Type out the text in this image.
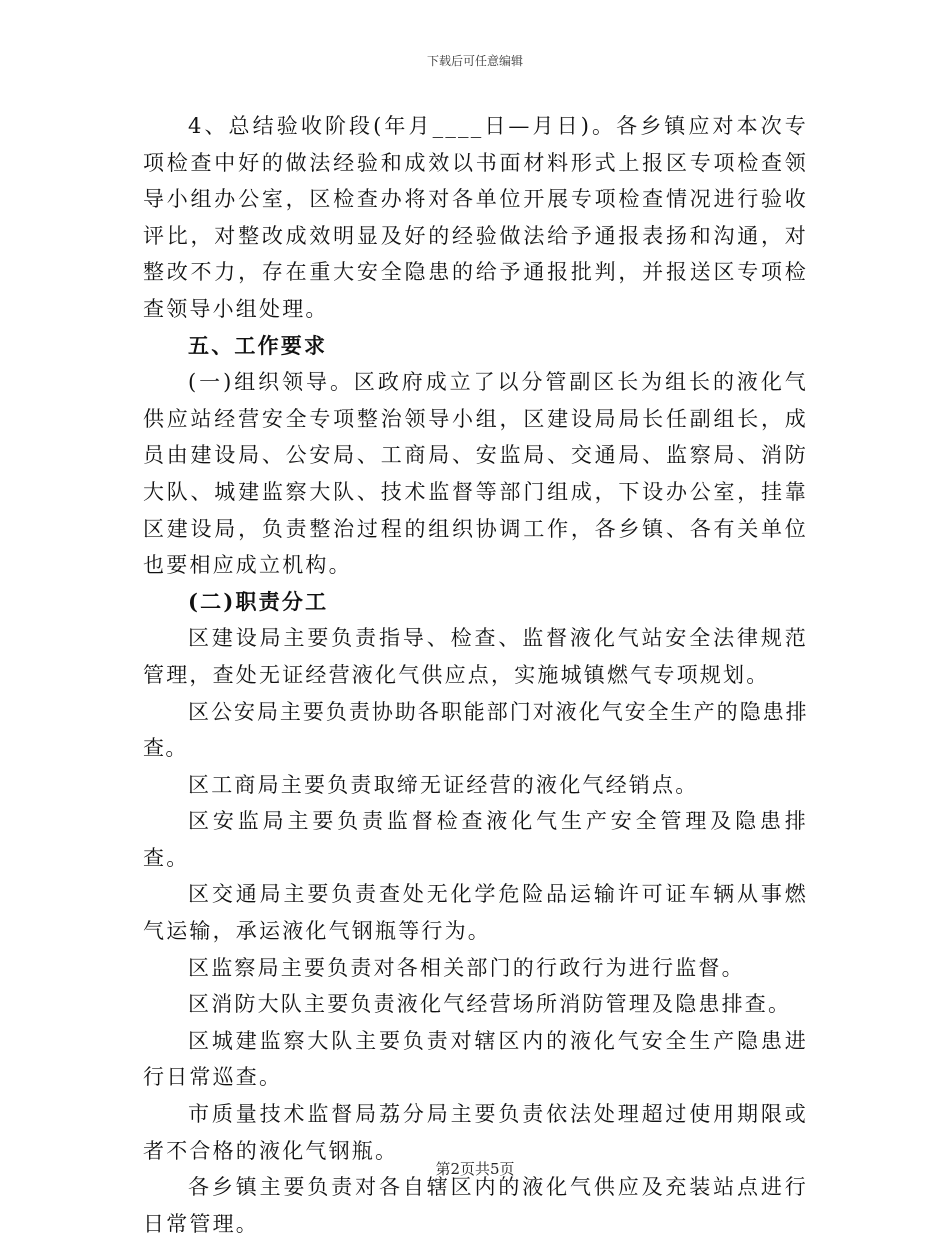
下载后可任意编辑

4、总结验收阶段(年月____日—月日)。各乡镇应对本次专项检查中好的做法经验和成效以书面材料形式上报区专项检查领导小组办公室，区检查办将对各单位开展专项检查情况进行验收评比，对整改成效明显及好的经验做法给予通报表扬和沟通，对整改不力，存在重大安全隐患的给予通报批判，并报送区专项检查领导小组处理。

五、工作要求

(一)组织领导。区政府成立了以分管副区长为组长的液化气供应站经营安全专项整治领导小组，区建设局局长任副组长，成员由建设局、公安局、工商局、安监局、交通局、监察局、消防大队、城建监察大队、技术监督等部门组成，下设办公室，挂靠区建设局，负责整治过程的组织协调工作，各乡镇、各有关单位也要相应成立机构。

(二)职责分工

区建设局主要负责指导、检查、监督液化气站安全法律规范管理，查处无证经营液化气供应点，实施城镇燃气专项规划。

区公安局主要负责协助各职能部门对液化气安全生产的隐患排查。

区工商局主要负责取缔无证经营的液化气经销点。

区安监局主要负责监督检查液化气生产安全管理及隐患排查。

区交通局主要负责查处无化学危险品运输许可证车辆从事燃气运输，承运液化气钢瓶等行为。

区监察局主要负责对各相关部门的行政行为进行监督。

区消防大队主要负责液化气经营场所消防管理及隐患排查。

区城建监察大队主要负责对辖区内的液化气安全生产隐患进行日常巡查。

市质量技术监督局荔分局主要负责依法处理超过使用期限或者不合格的液化气钢瓶。

各乡镇主要负责对各自辖区内的液化气供应及充装站点进行日常管理。

第2页共5页
